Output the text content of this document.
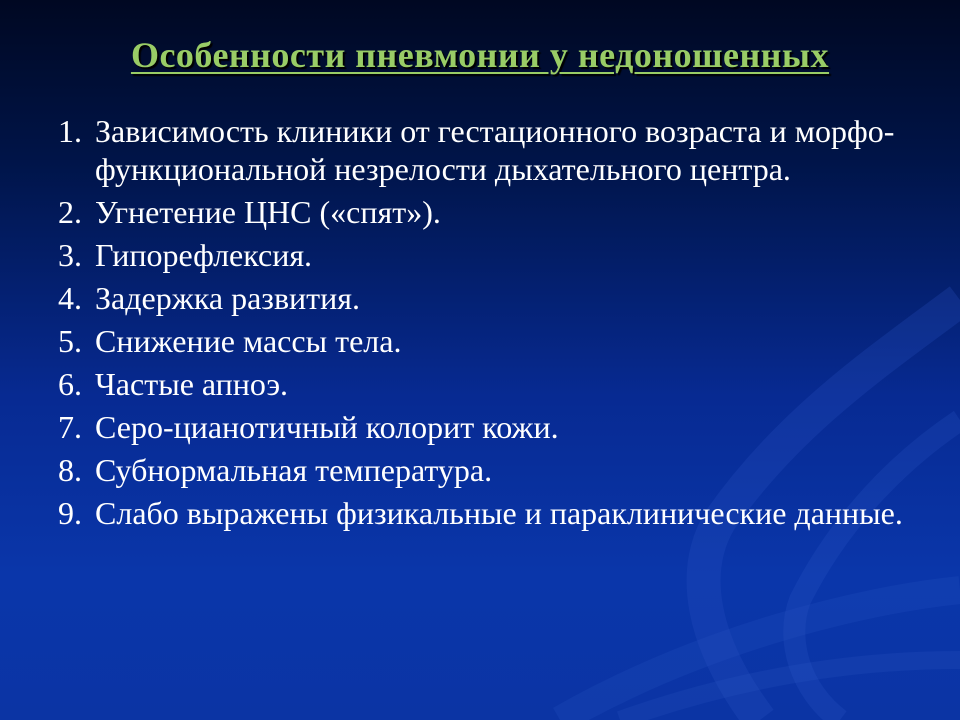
Особенности пневмонии у недоношенных
1. Зависимость клиники от гестационного возраста и морфо-функциональной незрелости дыхательного центра.
2. Угнетение ЦНС («спят»).
3. Гипорефлексия.
4. Задержка развития.
5. Снижение массы тела.
6. Частые апноэ.
7. Серо-цианотичный колорит кожи.
8. Субнормальная температура.
9. Слабо выражены физикальные и параклинические данные.
